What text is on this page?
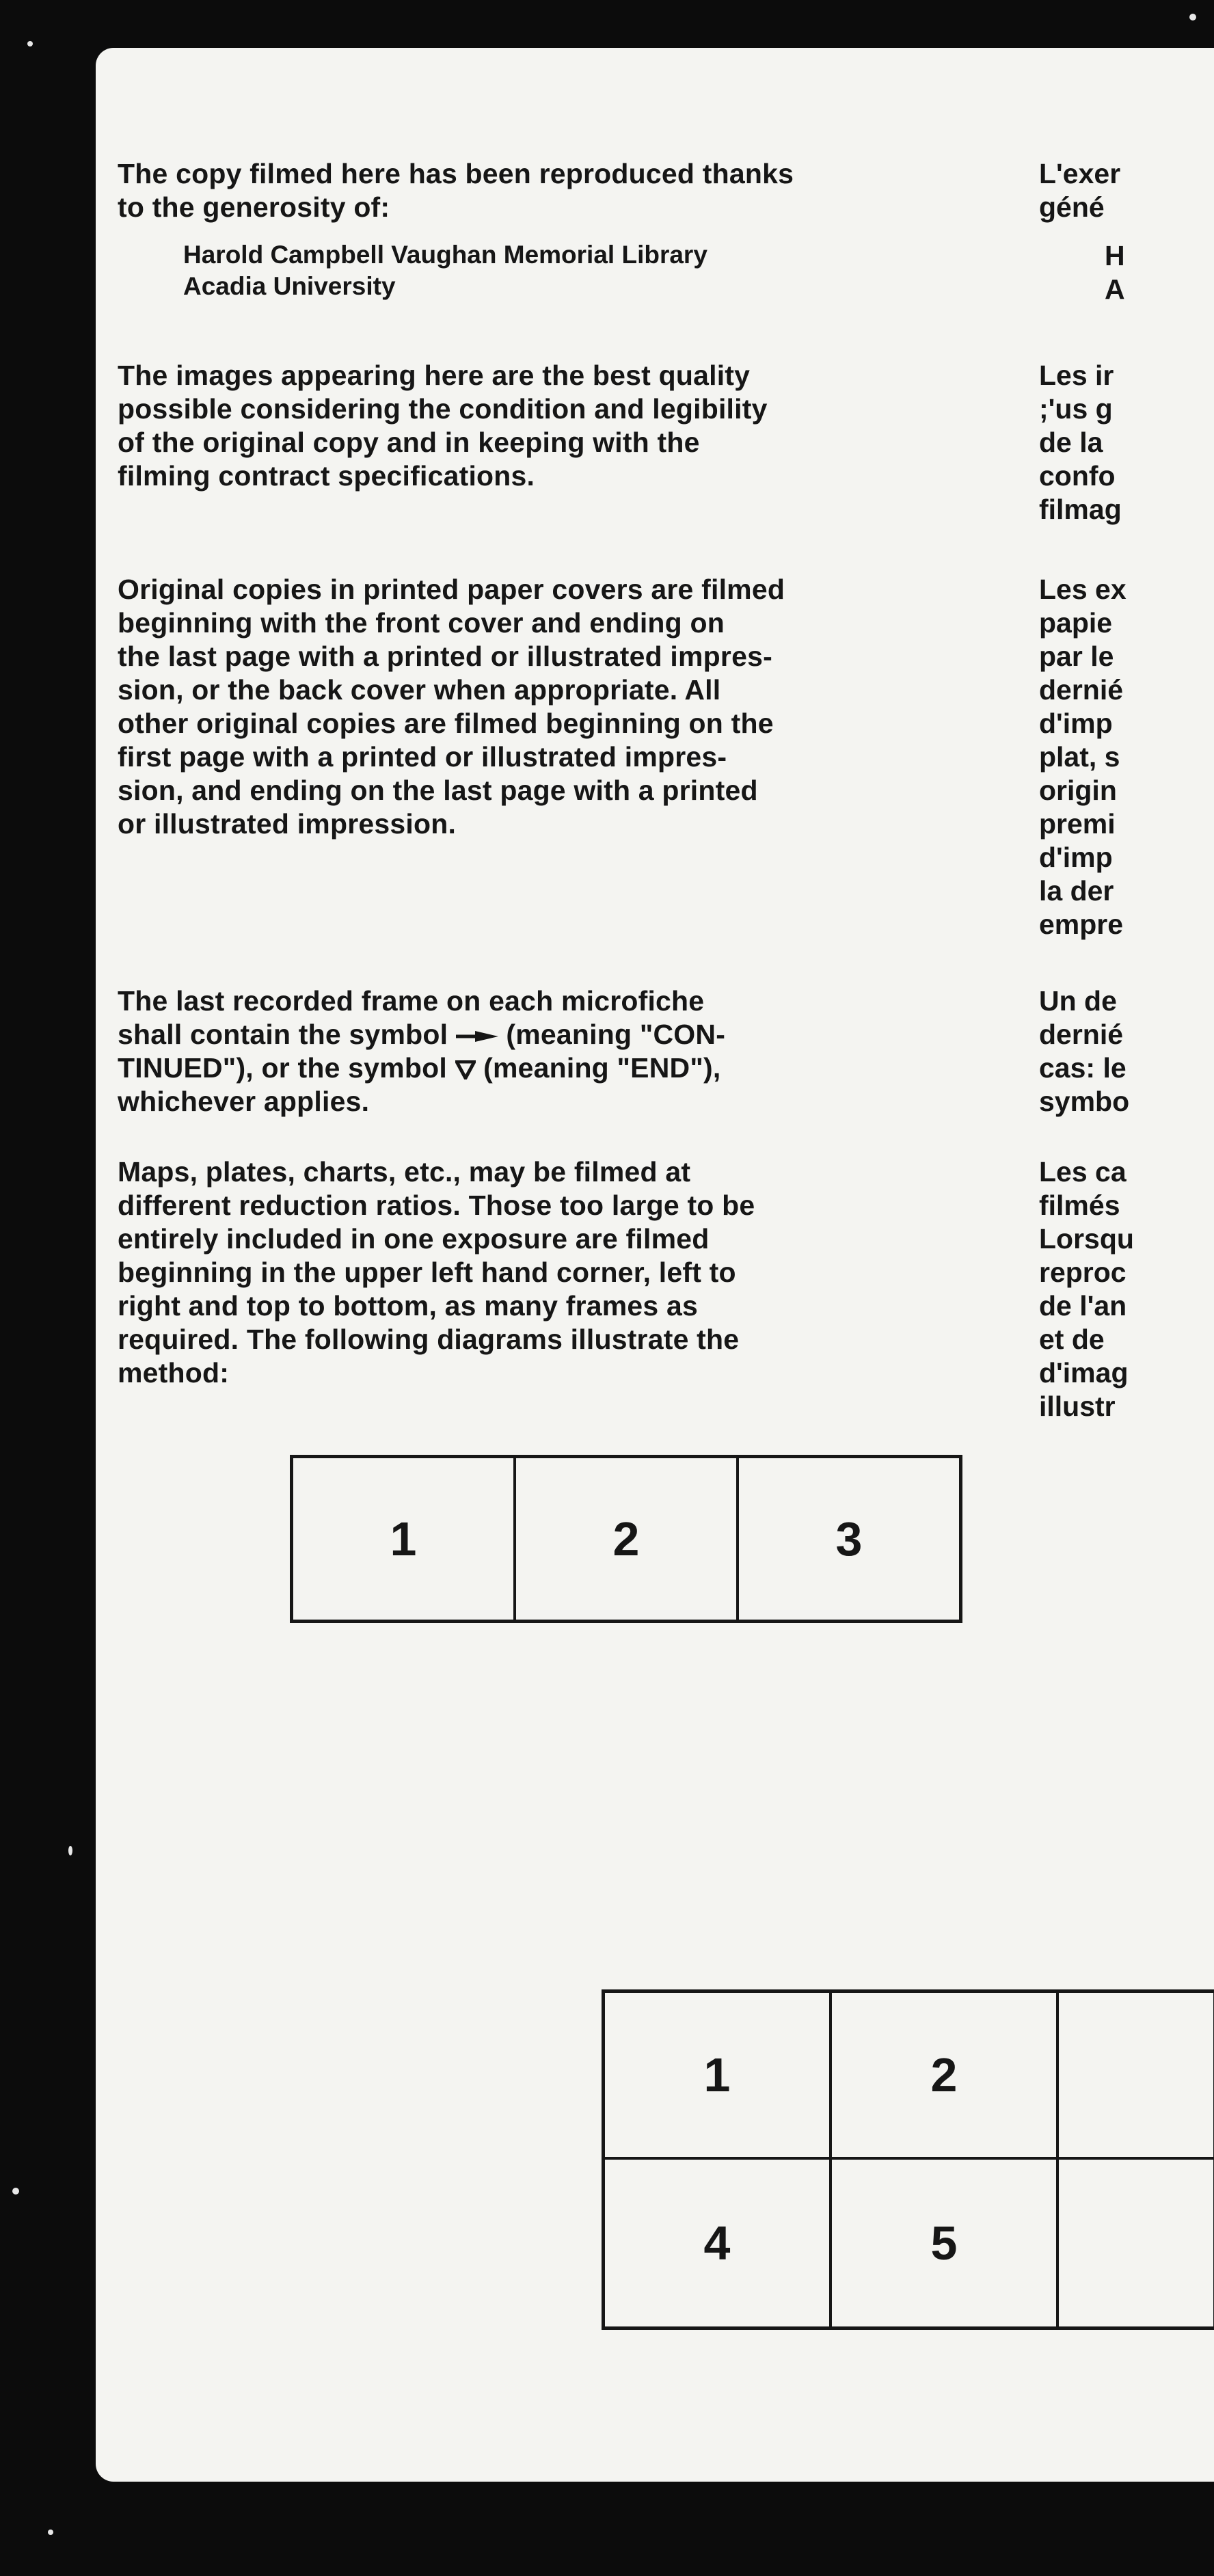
The copy filmed here has been reproduced thanks
to the generosity of:

Harold Campbell Vaughan Memorial Library
Acadia University

The images appearing here are the best quality
possible considering the condition and legibility
of the original copy and in keeping with the
filming contract specifications.

Original copies in printed paper covers are filmed
beginning with the front cover and ending on
the last page with a printed or illustrated impres-
sion, or the back cover when appropriate. All
other original copies are filmed beginning on the
first page with a printed or illustrated impres-
sion, and ending on the last page with a printed
or illustrated impression.

The last recorded frame on each microfiche
shall contain the symbol  (meaning "CON-
TINUED"), or the symbol  (meaning "END"),
whichever applies.

Maps, plates, charts, etc., may be filmed at
different reduction ratios. Those too large to be
entirely included in one exposure are filmed
beginning in the upper left hand corner, left to
right and top to bottom, as many frames as
required. The following diagrams illustrate the
method:

L'exer
géné
H
A
Les ir
;'us g
de la
confo
filmag
Les ex
papie
par le
dernié
d'imp
plat, s
origin
premi
d'imp
la der
empre
Un de
dernié
cas: le
symbo
Les ca
filmés
Lorsqu
reproc
de l'an
et de
d'imag
illustr
1	2	3
1	2
4	5
